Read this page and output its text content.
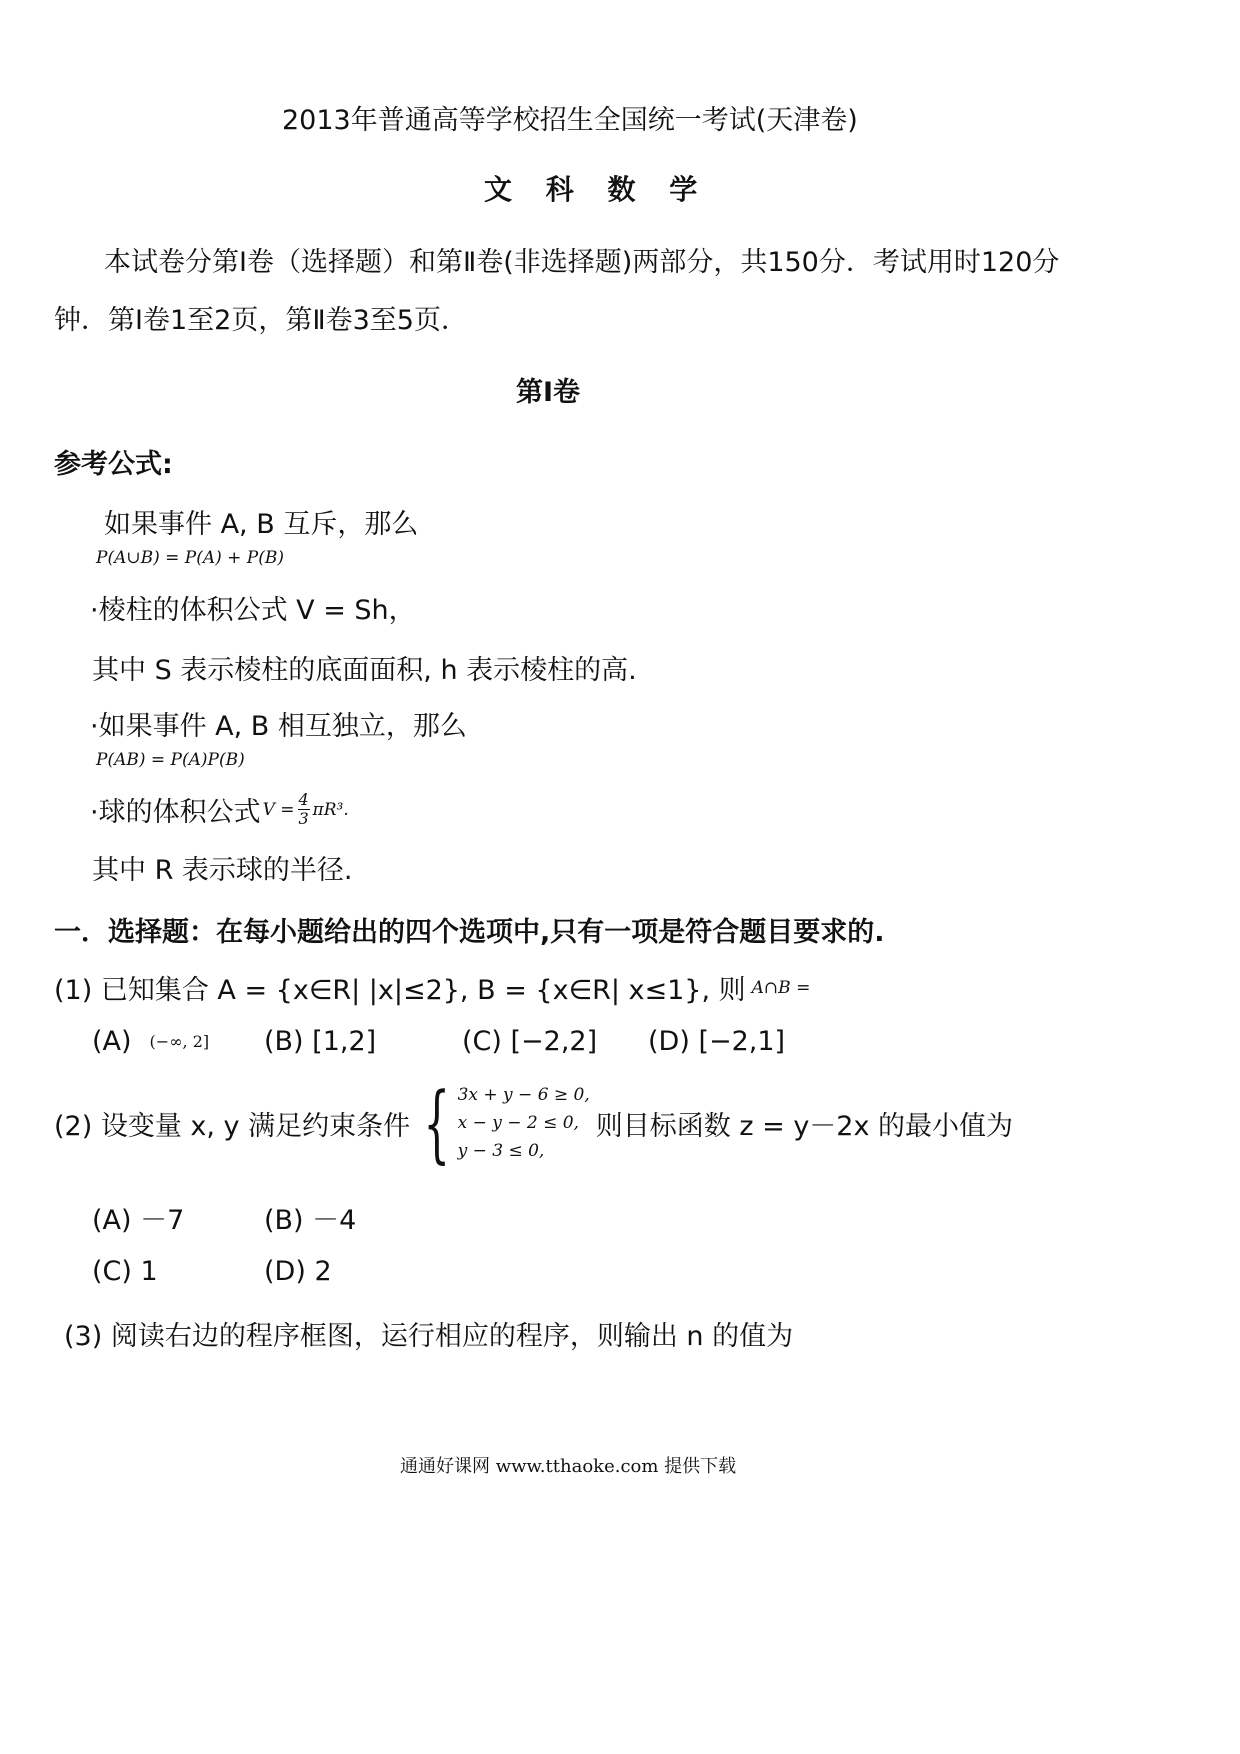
2013年普通高等学校招生全国统一考试(天津卷)
文 科 数 学
本试卷分第Ⅰ卷（选择题）和第Ⅱ卷(非选择题)两部分，共150分．考试用时120分
钟．第Ⅰ卷1至2页，第Ⅱ卷3至5页．
第Ⅰ卷
参考公式:
如果事件 A, B 互斥，那么
P(A∪B) = P(A) + P(B)
·棱柱的体积公式 V = Sh，
其中 S 表示棱柱的底面面积, h 表示棱柱的高.
·如果事件 A, B 相互独立，那么
P(AB) = P(A)P(B)
·球的体积公式 $V = \frac{4}{3} \pi R^3$.
其中 R 表示球的半径.
一．选择题：在每小题给出的四个选项中,只有一项是符合题目要求的.
(1) 已知集合 A = {x∈R| |x|≤2}, B = {x∈R| x≤1}, 则 A∩B =
(A) (−∞, 2] (B) [1,2]	(C) [−2,2] (D) [−2,1]
(2) 设变量 x, y 满足约束条件 { 3x + y − 6 ≥ 0,
x − y − 2 ≤ 0,
y − 3 ≤ 0,
则目标函数 z = y－2x 的最小值为
(A) －7	(B) －4
(C) 1	(D) 2
(3) 阅读右边的程序框图，运行相应的程序，则输出 n 的值为
通通好课网 www.tthaoke.com 提供下载
